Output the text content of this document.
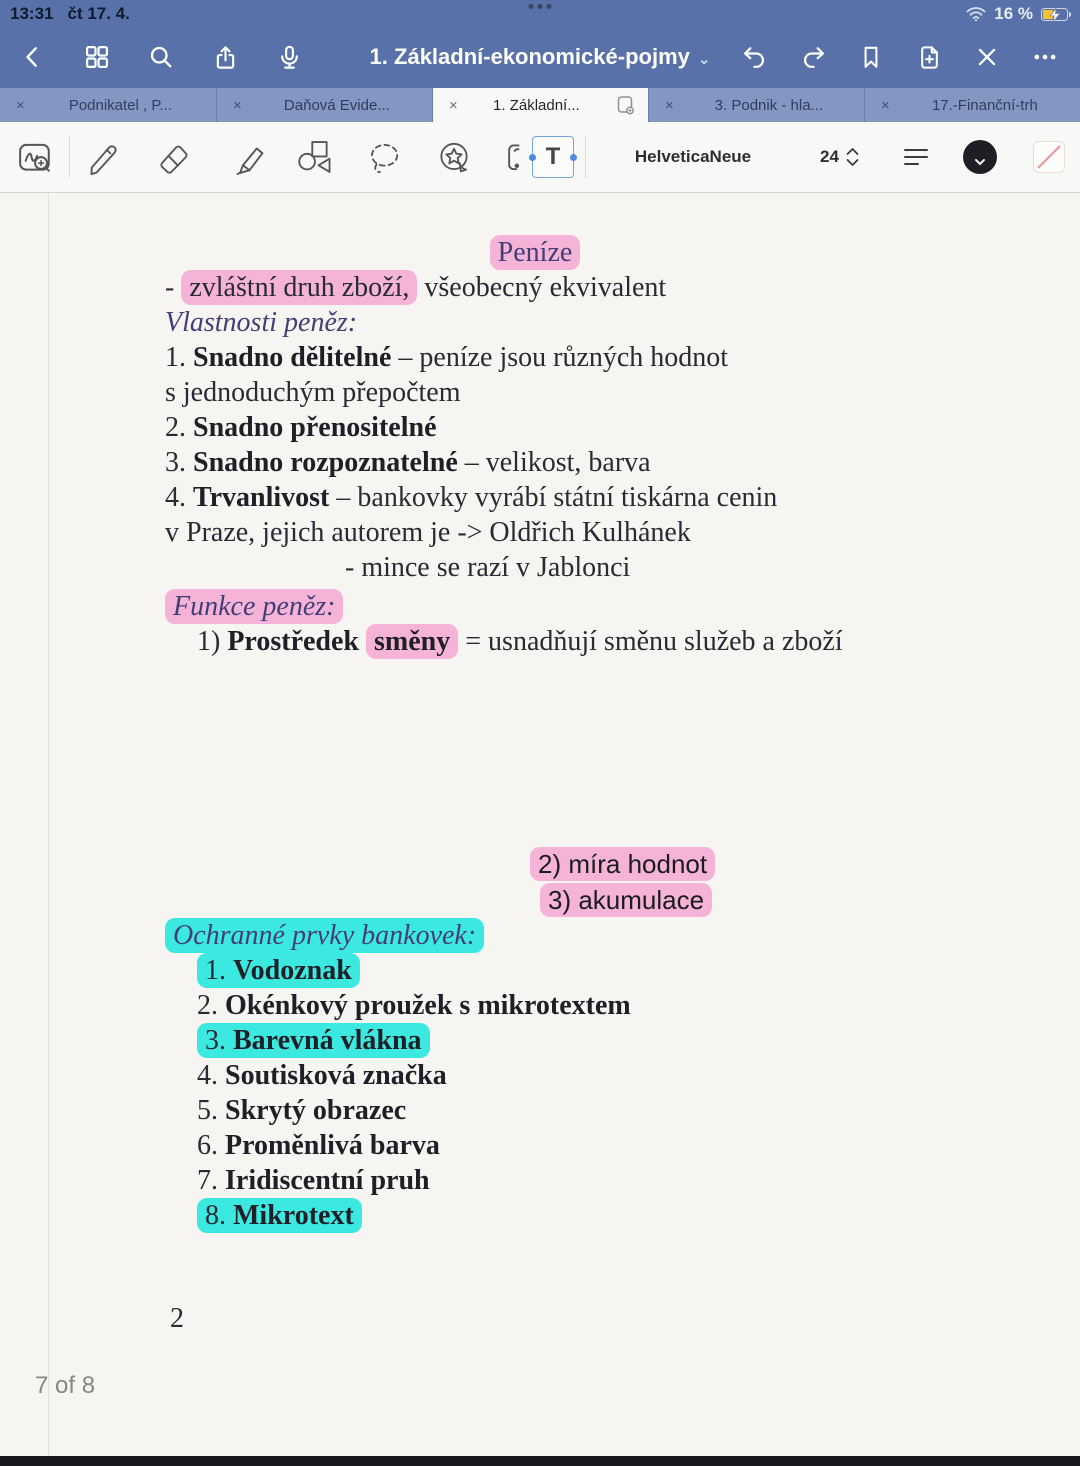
13:31 čt 17. 4.	16 %
1. Základní-ekonomické-pojmy ⌄
×	Podnikatel , P...	×	Daňová Evide...	×	1. Základní...	×	3. Podnik - hla...	×	17.-Finanční-trh
T	HelveticaNeue	24
Peníze
- zvláštní druh zboží, všeobecný ekvivalent
Vlastnosti peněz:
1. Snadno dělitelné – peníze jsou různých hodnot
s jednoduchým přepočtem
2. Snadno přenositelné
3. Snadno rozpoznatelné – velikost, barva
4. Trvanlivost – bankovky vyrábí státní tiskárna cenin
v Praze, jejich autorem je -> Oldřich Kulhánek
- mince se razí v Jablonci
Funkce peněz:
1) Prostředek směny = usnadňují směnu služeb a zboží
2) míra hodnot
3) akumulace
Ochranné prvky bankovek:
1. Vodoznak
2. Okénkový proužek s mikrotextem
3. Barevná vlákna
4. Soutisková značka
5. Skrytý obrazec
6. Proměnlivá barva
7. Iridiscentní pruh
8. Mikrotext
2
7 of 8
